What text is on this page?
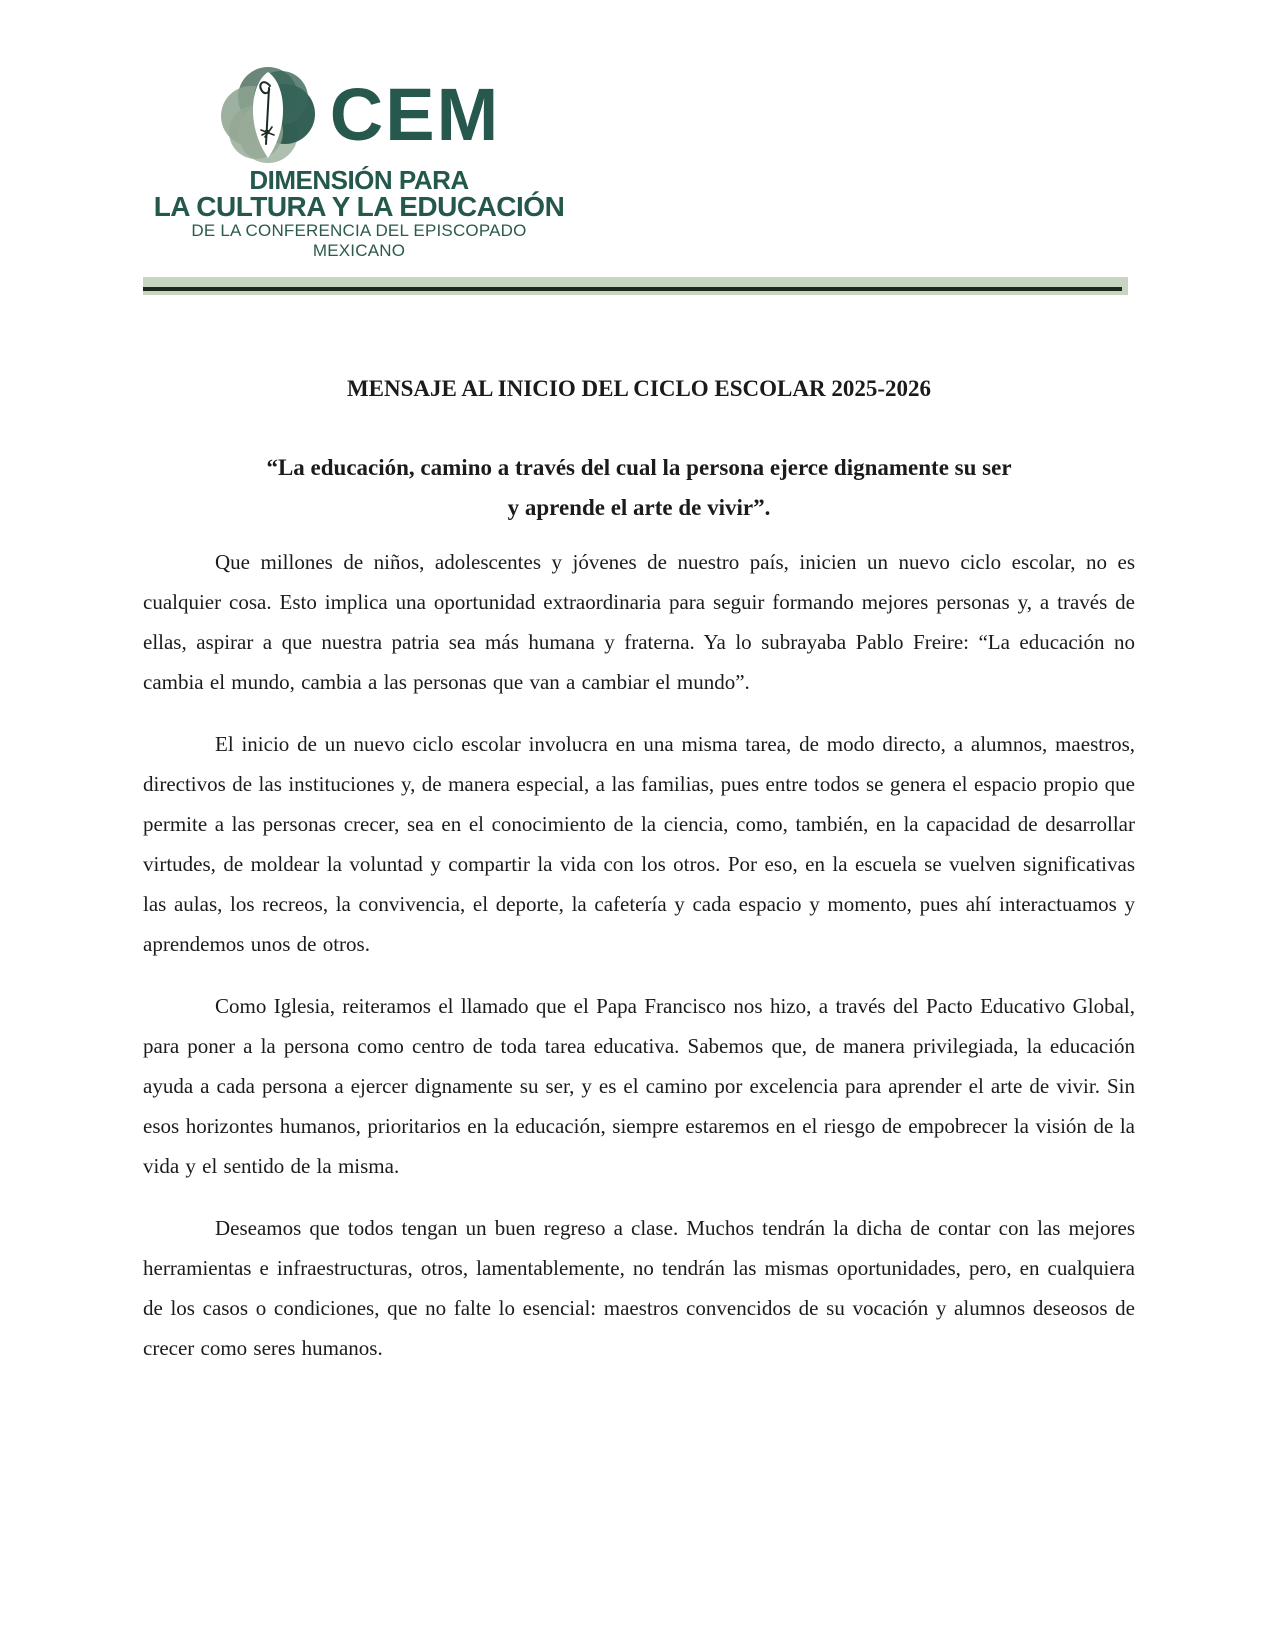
CEM
DIMENSIÓN PARA
LA CULTURA Y LA EDUCACIÓN
DE LA CONFERENCIA DEL EPISCOPADO MEXICANO
MENSAJE AL INICIO DEL CICLO ESCOLAR 2025-2026
“La educación, camino a través del cual la persona ejerce dignamente su ser
y aprende el arte de vivir”.

Que millones de niños, adolescentes y jóvenes de nuestro país, inicien un nuevo ciclo escolar, no es cualquier cosa. Esto implica una oportunidad extraordinaria para seguir formando mejores personas y, a través de ellas, aspirar a que nuestra patria sea más humana y fraterna. Ya lo subrayaba Pablo Freire: “La educación no cambia el mundo, cambia a las personas que van a cambiar el mundo”.

El inicio de un nuevo ciclo escolar involucra en una misma tarea, de modo directo, a alumnos, maestros, directivos de las instituciones y, de manera especial, a las familias, pues entre todos se genera el espacio propio que permite a las personas crecer, sea en el conocimiento de la ciencia, como, también, en la capacidad de desarrollar virtudes, de moldear la voluntad y compartir la vida con los otros. Por eso, en la escuela se vuelven significativas las aulas, los recreos, la convivencia, el deporte, la cafetería y cada espacio y momento, pues ahí interactuamos y aprendemos unos de otros.

Como Iglesia, reiteramos el llamado que el Papa Francisco nos hizo, a través del Pacto Educativo Global, para poner a la persona como centro de toda tarea educativa. Sabemos que, de manera privilegiada, la educación ayuda a cada persona a ejercer dignamente su ser, y es el camino por excelencia para aprender el arte de vivir. Sin esos horizontes humanos, prioritarios en la educación, siempre estaremos en el riesgo de empobrecer la visión de la vida y el sentido de la misma.

Deseamos que todos tengan un buen regreso a clase. Muchos tendrán la dicha de contar con las mejores herramientas e infraestructuras, otros, lamentablemente, no tendrán las mismas oportunidades, pero, en cualquiera de los casos o condiciones, que no falte lo esencial: maestros convencidos de su vocación y alumnos deseosos de crecer como seres humanos.
